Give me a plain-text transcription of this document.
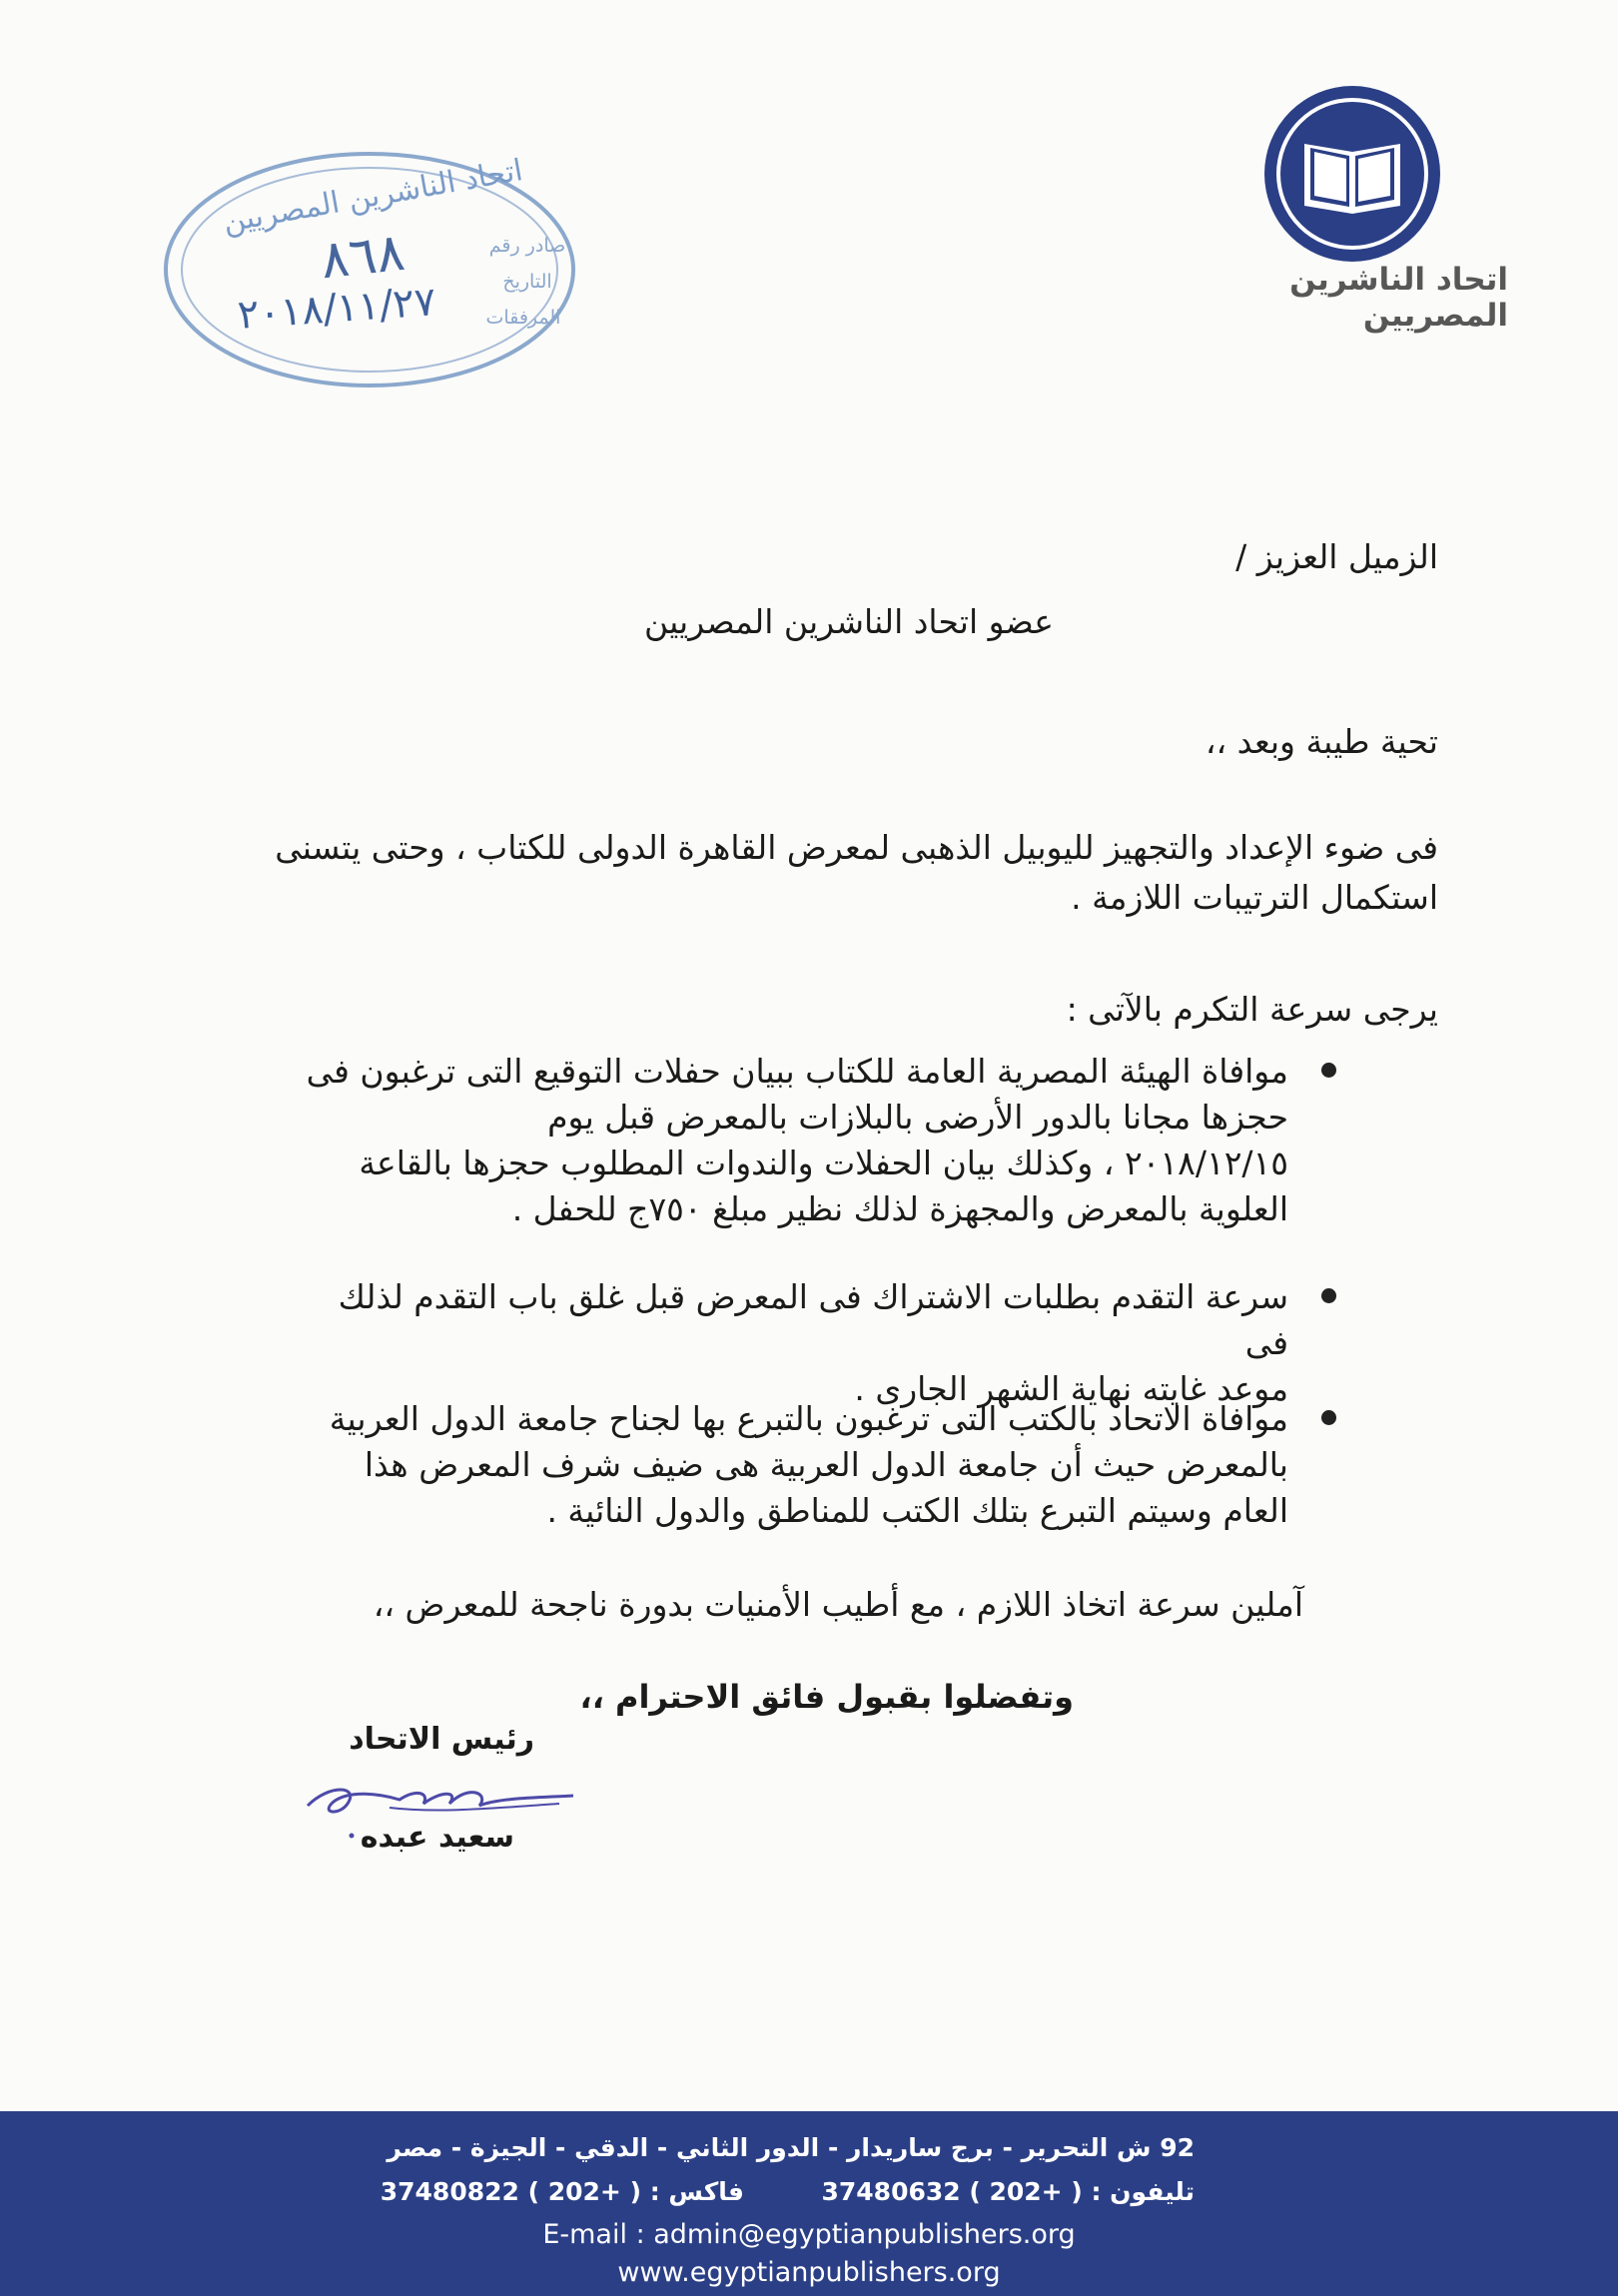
اتحاد الناشرين المصريين
اتحاد الناشرين المصريين
٨٦٨
٢٠١٨/١١/٢٧
صادر رقم
التاريخ
المرفقات
الزميل العزيز /
عضو اتحاد الناشرين المصريين
تحية طيبة وبعد ،،
فى ضوء الإعداد والتجهيز لليوبيل الذهبى لمعرض القاهرة الدولى للكتاب ، وحتى يتسنى
استكمال الترتيبات اللازمة .
يرجى سرعة التكرم بالآتى :
موافاة الهيئة المصرية العامة للكتاب ببيان حفلات التوقيع التى ترغبون فى
حجزها مجانا بالدور الأرضى بالبلازات بالمعرض قبل يوم
٢٠١٨/١٢/١٥ ، وكذلك بيان الحفلات والندوات المطلوب حجزها بالقاعة
العلوية بالمعرض والمجهزة لذلك نظير مبلغ ٧٥٠ج للحفل .
سرعة التقدم بطلبات الاشتراك فى المعرض قبل غلق باب التقدم لذلك فى
موعد غايته نهاية الشهر الجارى .
موافاة الاتحاد بالكتب التى ترغبون بالتبرع بها لجناح جامعة الدول العربية
بالمعرض حيث أن جامعة الدول العربية هى ضيف شرف المعرض هذا
العام وسيتم التبرع بتلك الكتب للمناطق والدول النائية .
آملين سرعة اتخاذ اللازم ، مع أطيب الأمنيات بدورة ناجحة للمعرض ،،
وتفضلوا بقبول فائق الاحترام ،،
رئيس الاتحاد
سعيد عبده
92 ش التحرير - برج ساريدار - الدور الثاني - الدقي - الجيزة - مصر
تليفون : 37480632 ( 202+ )  فاكس : 37480822 ( 202+ )
E-mail : admin@egyptianpublishers.org
www.egyptianpublishers.org
